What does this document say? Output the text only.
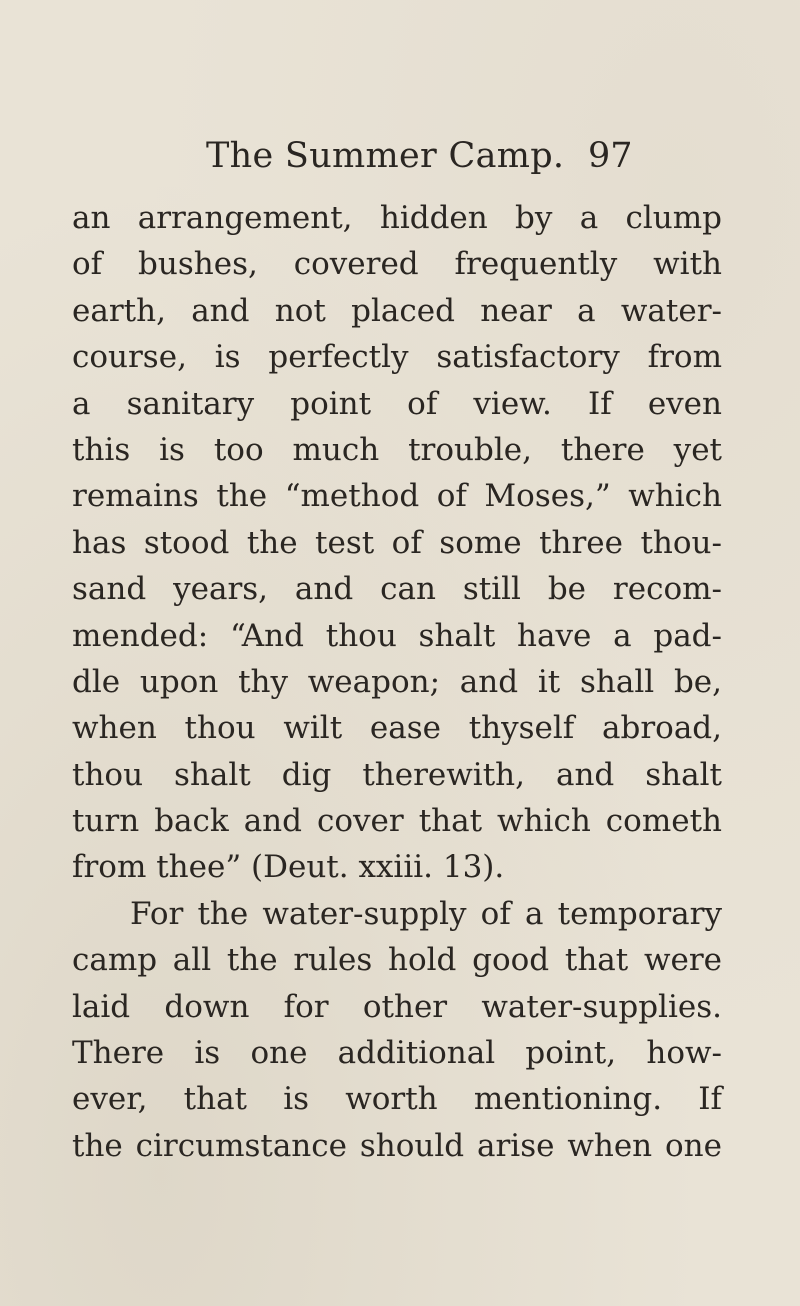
The Summer Camp. 97
an arrangement, hidden by a clump
of bushes, covered frequently with
earth, and not placed near a water-
course, is perfectly satisfactory from
a sanitary point of view. If even
this is too much trouble, there yet
remains the “method of Moses,” which
has stood the test of some three thou-
sand years, and can still be recom-
mended: “And thou shalt have a pad-
dle upon thy weapon; and it shall be,
when thou wilt ease thyself abroad,
thou shalt dig therewith, and shalt
turn back and cover that which cometh
from thee” (Deut. xxiii. 13).
For the water-supply of a temporary
camp all the rules hold good that were
laid down for other water-supplies.
There is one additional point, how-
ever, that is worth mentioning. If
the circumstance should arise when one
